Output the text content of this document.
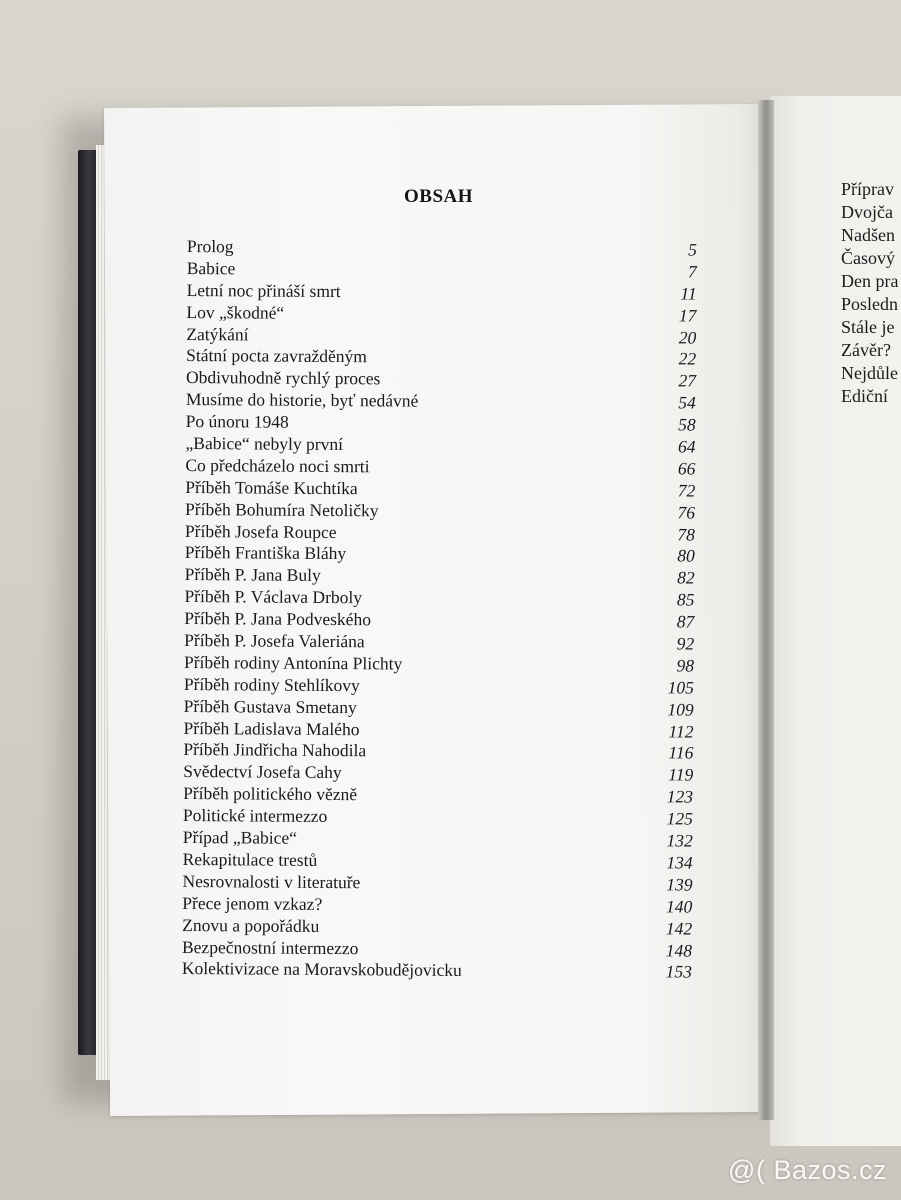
OBSAH
Prolog	5
Babice	7
Letní noc přináší smrt	11
Lov „škodné“	17
Zatýkání	20
Státní pocta zavražděným	22
Obdivuhodně rychlý proces	27
Musíme do historie, byť nedávné	54
Po únoru 1948	58
„Babice“ nebyly první	64
Co předcházelo noci smrti	66
Příběh Tomáše Kuchtíka	72
Příběh Bohumíra Netoličky	76
Příběh Josefa Roupce	78
Příběh Františka Bláhy	80
Příběh P. Jana Buly	82
Příběh P. Václava Drboly	85
Příběh P. Jana Podveského	87
Příběh P. Josefa Valeriána	92
Příběh rodiny Antonína Plichty	98
Příběh rodiny Stehlíkovy	105
Příběh Gustava Smetany	109
Příběh Ladislava Malého	112
Příběh Jindřicha Nahodila	116
Svědectví Josefa Cahy	119
Příběh politického vězně	123
Politické intermezzo	125
Případ „Babice“	132
Rekapitulace trestů	134
Nesrovnalosti v literatuře	139
Přece jenom vzkaz?	140
Znovu a popořádku	142
Bezpečnostní intermezzo	148
Kolektivizace na Moravskobudějovicku	153
Příprav
Dvojča
Nadšen
Časový
Den pra
Posledn
Stále je
Závěr?
Nejdůle
Ediční
@( Bazos.cz
